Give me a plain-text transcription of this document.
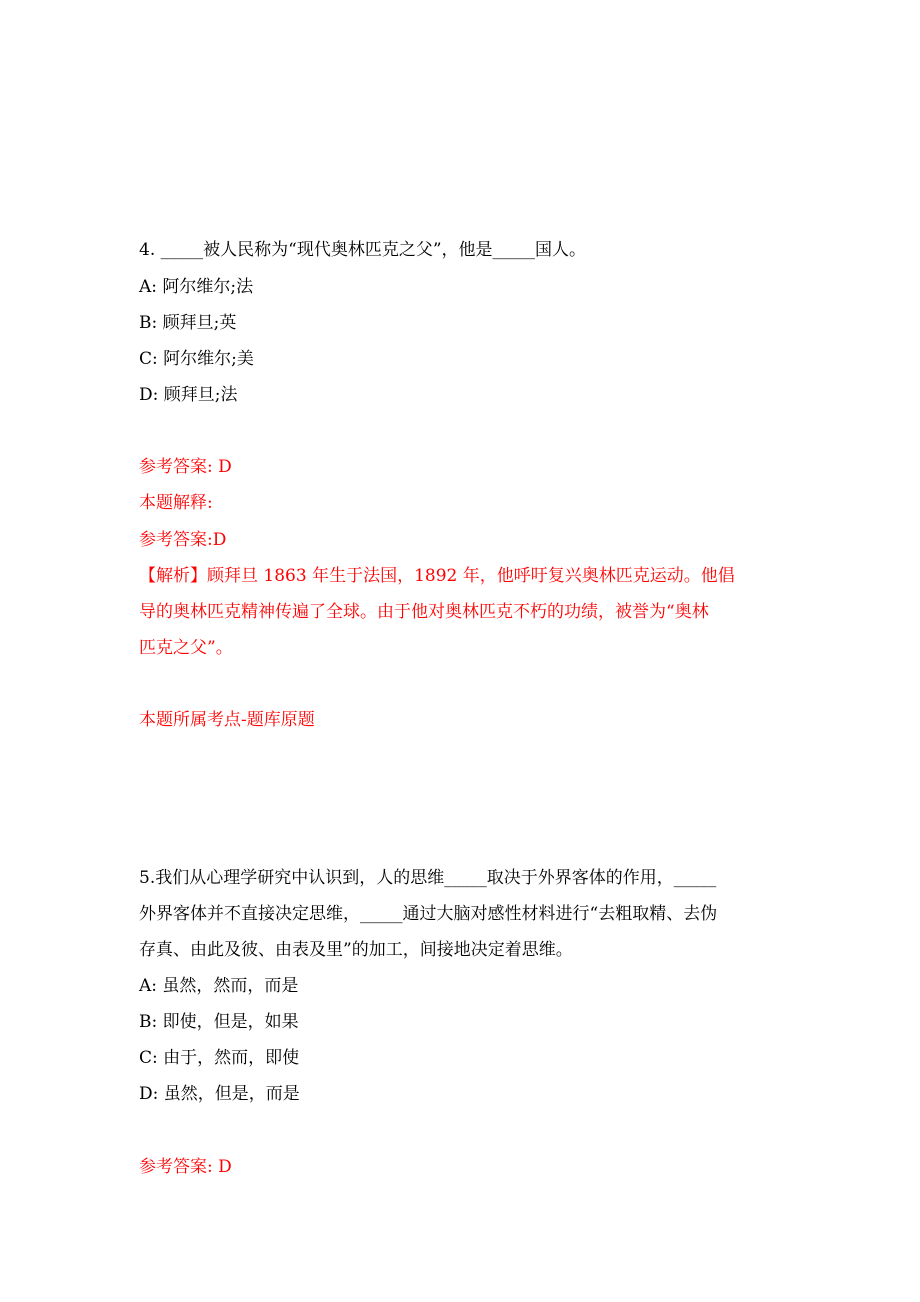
4. _____被人民称为“现代奥林匹克之父”，他是_____国人。
A: 阿尔维尔;法
B: 顾拜旦;英
C: 阿尔维尔;美
D: 顾拜旦;法
参考答案: D
本题解释:
参考答案:D
【解析】顾拜旦 1863 年生于法国，1892 年，他呼吁复兴奥林匹克运动。他倡
导的奥林匹克精神传遍了全球。由于他对奥林匹克不朽的功绩，被誉为“奥林
匹克之父”。
本题所属考点-题库原题
5.我们从心理学研究中认识到，人的思维_____取决于外界客体的作用，_____
外界客体并不直接决定思维，_____通过大脑对感性材料进行“去粗取精、去伪
存真、由此及彼、由表及里”的加工，间接地决定着思维。
A: 虽然，然而，而是
B: 即使，但是，如果
C: 由于，然而，即使
D: 虽然，但是，而是
参考答案: D
